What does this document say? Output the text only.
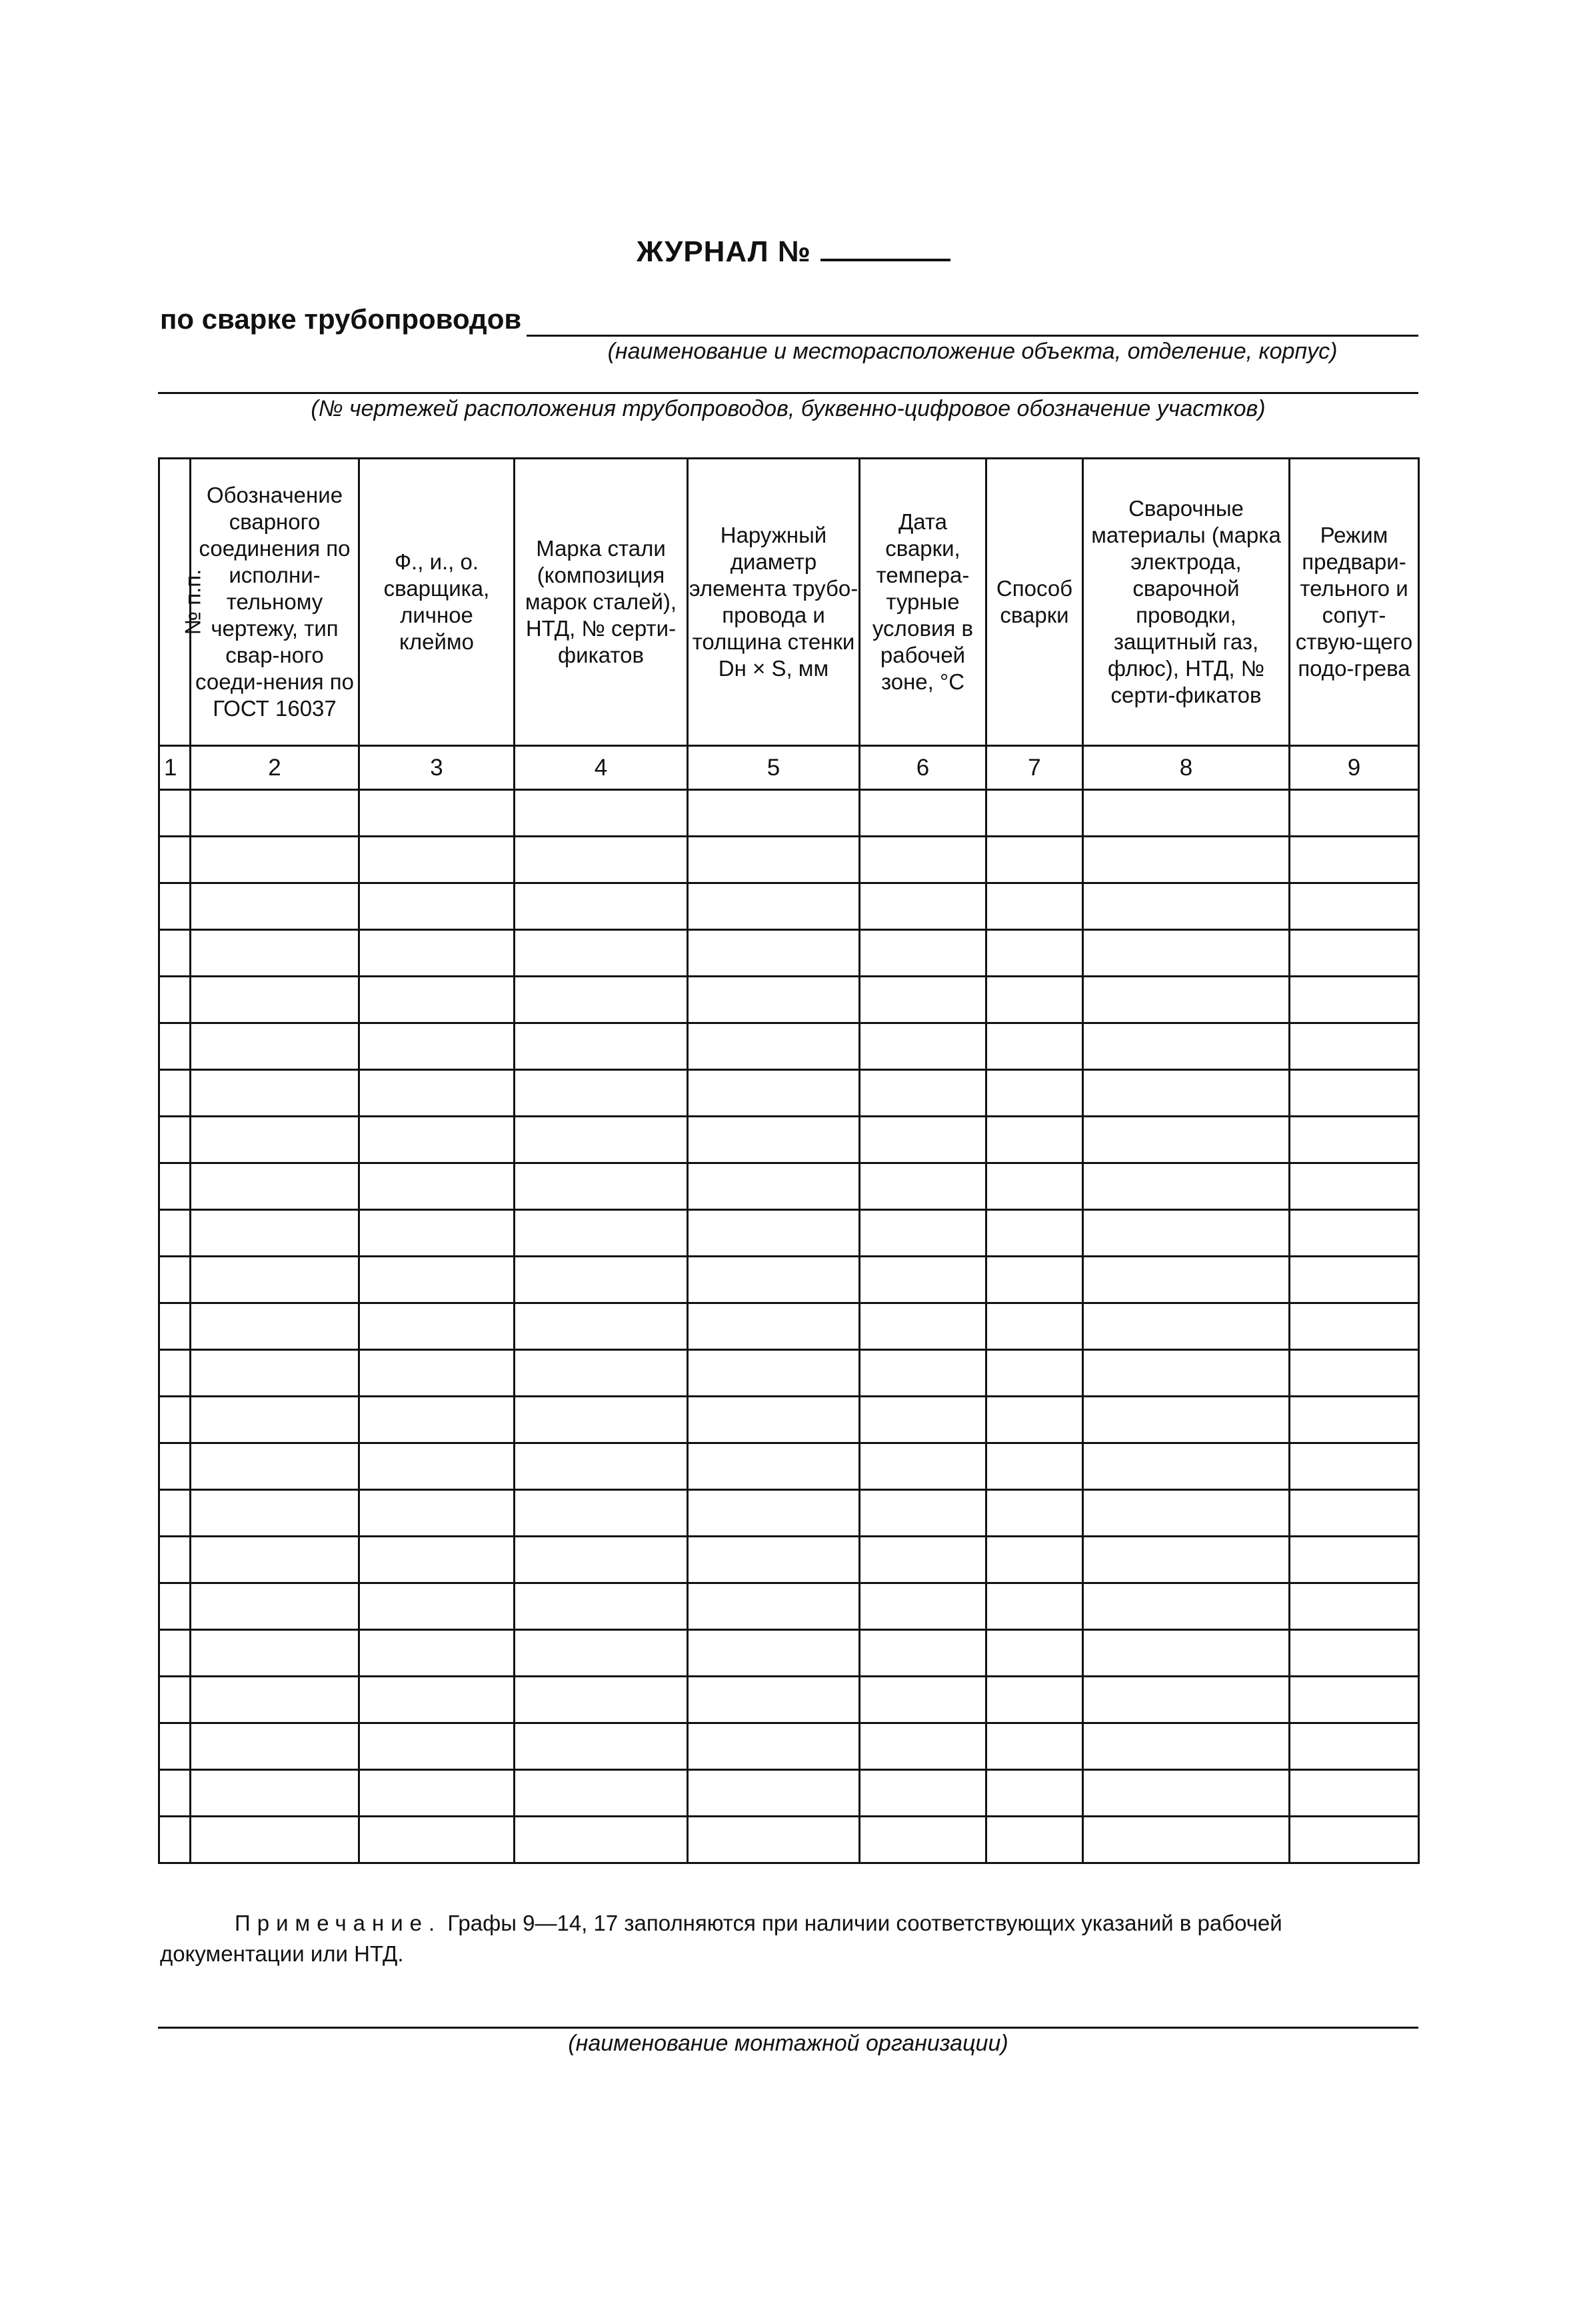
ЖУРНАЛ №
по сварке трубопроводов
(наименование и месторасположение объекта, отделение, корпус)
(№ чертежей расположения трубопроводов, буквенно-цифровое обозначение участков)
№ п.п.	Обозначение сварного соединения по исполни-тельному чертежу, тип свар-ного соеди-нения по ГОСТ 16037	Ф., и., о. сварщика, личное клеймо	Марка стали (композиция марок сталей), НТД, № серти-фикатов	Наружный диаметр элемента трубо-провода и толщина стенки Dн × S, мм	Дата сварки, темпера-турные условия в рабочей зоне, °С	Способ сварки	Сварочные материалы (марка электрода, сварочной проводки, защитный газ, флюс), НТД, № серти-фикатов	Режим предвари-тельного и сопут-ствую-щего подо-грева
1	2	3	4	5	6	7	8	9

Примечание. Графы 9—14, 17 заполняются при наличии соответствующих указаний в рабочей документации или НТД.
(наименование монтажной организации)
